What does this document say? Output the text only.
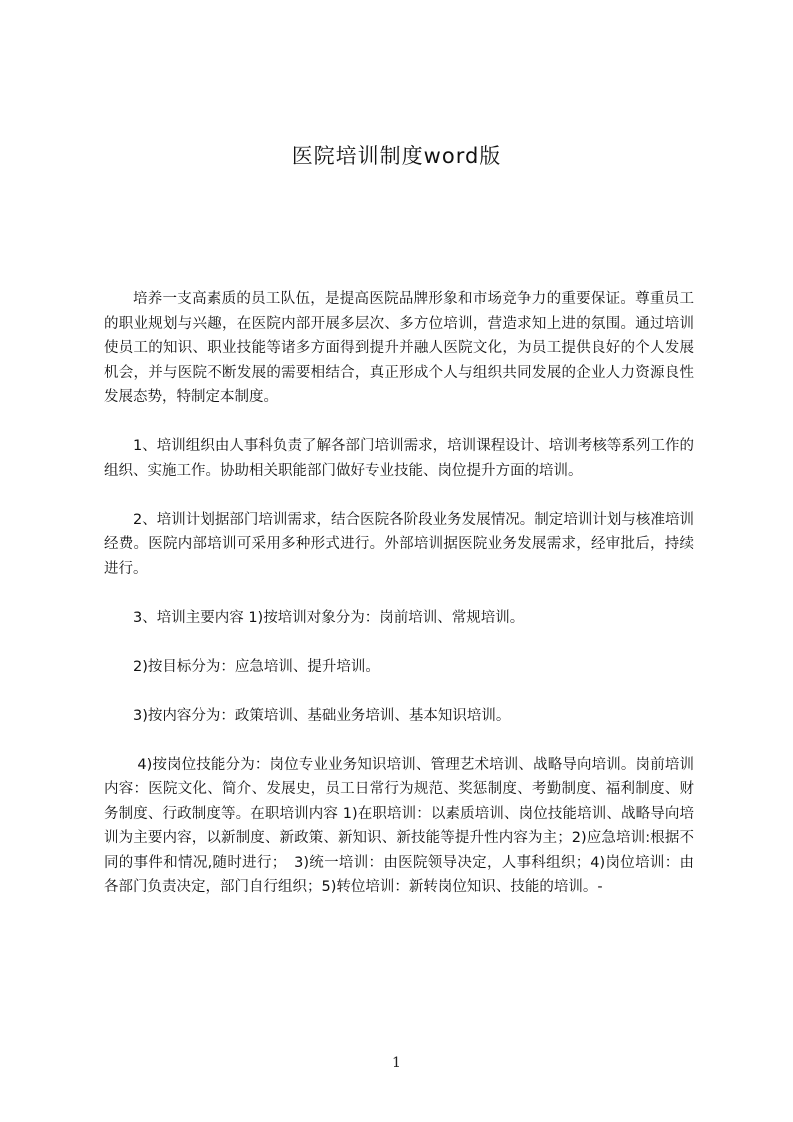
医院培训制度word版

培养一支高素质的员工队伍，是提高医院品牌形象和市场竞争力的重要保证。尊重员工的职业规划与兴趣，在医院内部开展多层次、多方位培训，营造求知上进的氛围。通过培训使员工的知识、职业技能等诸多方面得到提升并融人医院文化，为员工提供良好的个人发展机会，并与医院不断发展的需要相结合，真正形成个人与组织共同发展的企业人力资源良性发展态势，特制定本制度。

1、培训组织由人事科负责了解各部门培训需求，培训课程设计、培训考核等系列工作的组织、实施工作。协助相关职能部门做好专业技能、岗位提升方面的培训。

2、培训计划据部门培训需求，结合医院各阶段业务发展情况。制定培训计划与核准培训经费。医院内部培训可采用多种形式进行。外部培训据医院业务发展需求，经审批后，持续进行。

3、培训主要内容 1)按培训对象分为：岗前培训、常规培训。

2)按目标分为：应急培训、提升培训。

3)按内容分为：政策培训、基础业务培训、基本知识培训。

4)按岗位技能分为：岗位专业业务知识培训、管理艺术培训、战略导向培训。岗前培训内容：医院文化、简介、发展史，员工日常行为规范、奖惩制度、考勤制度、福利制度、财务制度、行政制度等。在职培训内容 1)在职培训：以素质培训、岗位技能培训、战略导向培训为主要内容，以新制度、新政策、新知识、新技能等提升性内容为主；2)应急培训:根据不同的事件和情况,随时进行；　3)统一培训：由医院领导决定，人事科组织；4)岗位培训：由各部门负责决定，部门自行组织；5)转位培训：新转岗位知识、技能的培训。-

1
